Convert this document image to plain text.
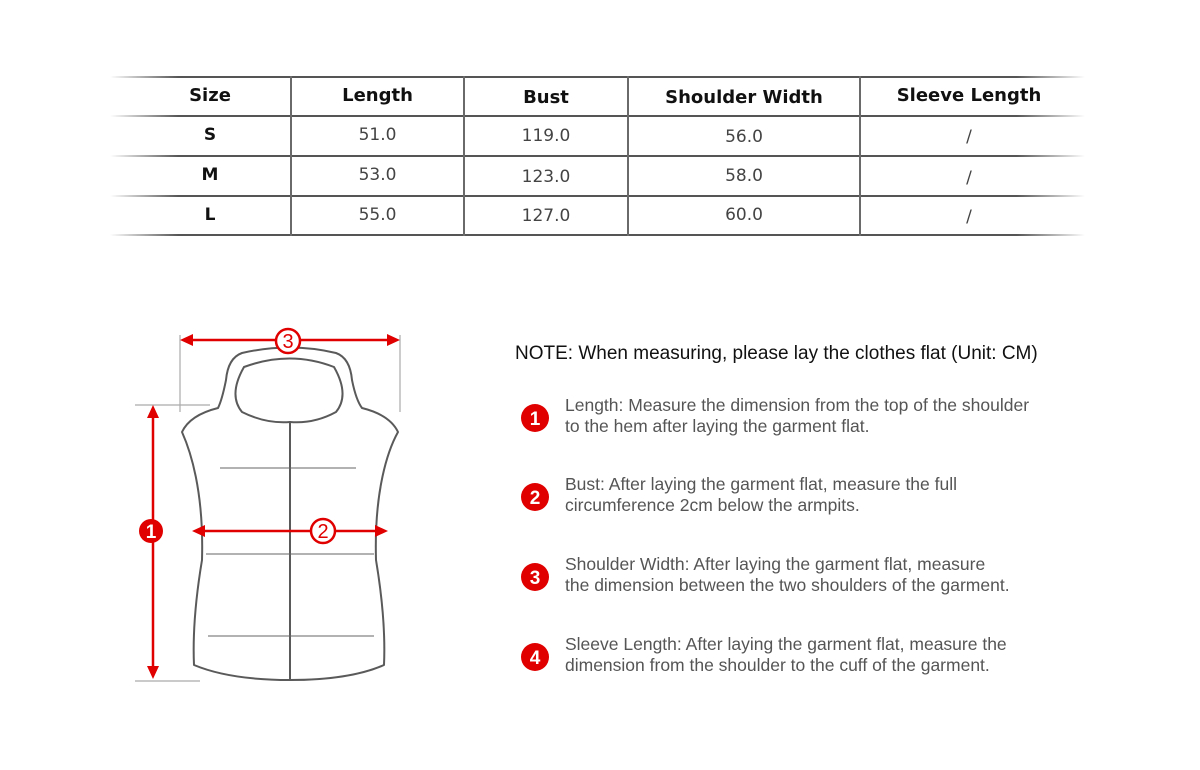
Size	Length	Bust	Shoulder Width	Sleeve Length
S	51.0	119.0	56.0	/
M	53.0	123.0	58.0	/
L	55.0	127.0	60.0	/
3
2
1
NOTE: When measuring, please lay the clothes flat (Unit: CM)
1
Length: Measure the dimension from the top of the shoulder
to the hem after laying the garment flat.
2
Bust: After laying the garment flat, measure the full
circumference 2cm below the armpits.
3
Shoulder Width: After laying the garment flat, measure
the dimension between the two shoulders of the garment.
4
Sleeve Length: After laying the garment flat, measure the
dimension from the shoulder to the cuff of the garment.
